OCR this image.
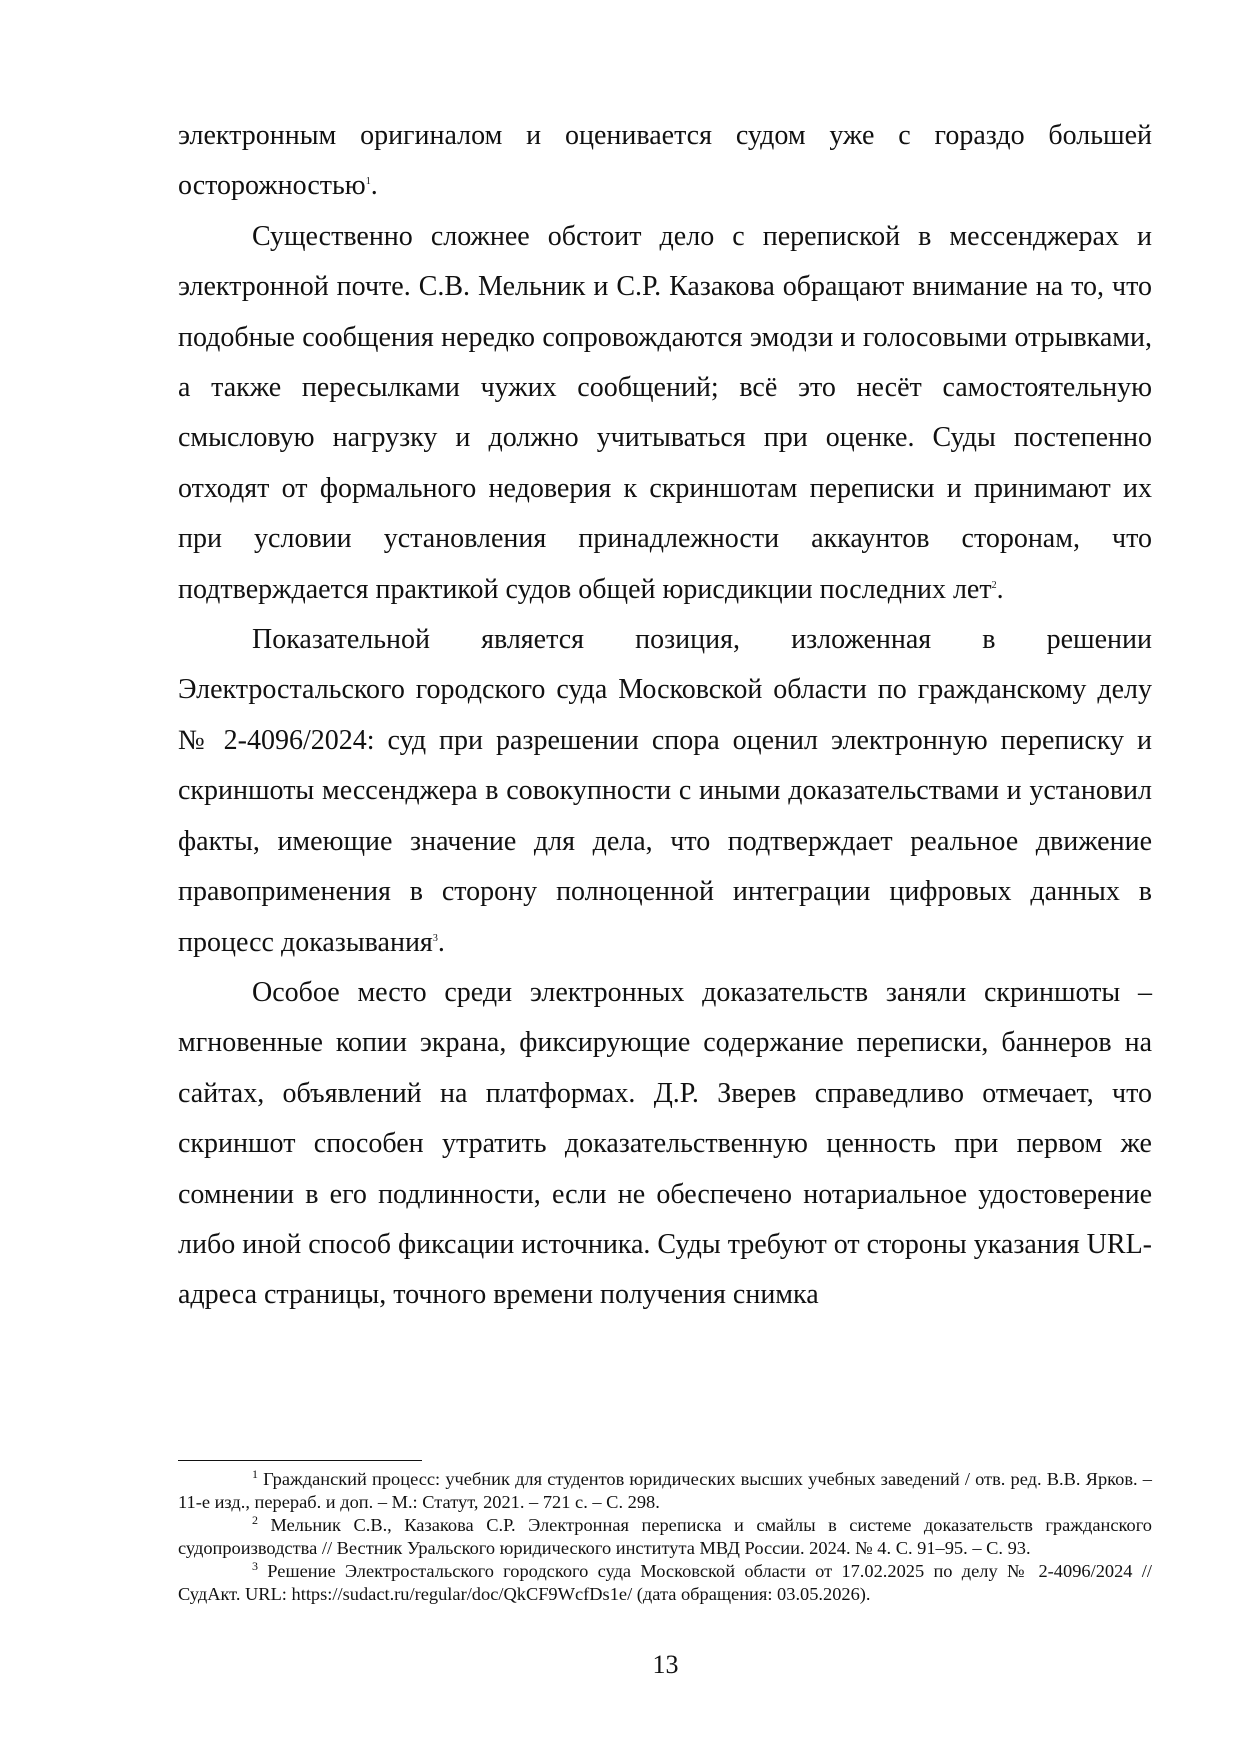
электронным оригиналом и оценивается судом уже с гораздо большей осторожностью$^1$.

Существенно сложнее обстоит дело с перепиской в мессенджерах и электронной почте. С.В. Мельник и С.Р. Казакова обращают внимание на то, что подобные сообщения нередко сопровождаются эмодзи и голосовыми отрывками, а также пересылками чужих сообщений; всё это несёт самостоятельную смысловую нагрузку и должно учитываться при оценке. Суды постепенно отходят от формального недоверия к скриншотам переписки и принимают их при условии установления принадлежности аккаунтов сторонам, что подтверждается практикой судов общей юрисдикции последних лет$^2$.

Показательной является позиция, изложенная в решении Электростальского городского суда Московской области по гражданскому делу № 2-4096/2024: суд при разрешении спора оценил электронную переписку и скриншоты мессенджера в совокупности с иными доказательствами и установил факты, имеющие значение для дела, что подтверждает реальное движение правоприменения в сторону полноценной интеграции цифровых данных в процесс доказывания$^3$.

Особое место среди электронных доказательств заняли скриншоты – мгновенные копии экрана, фиксирующие содержание переписки, баннеров на сайтах, объявлений на платформах. Д.Р. Зверев справедливо отмечает, что скриншот способен утратить доказательственную ценность при первом же сомнении в его подлинности, если не обеспечено нотариальное удостоверение либо иной способ фиксации источника. Суды требуют от стороны указания URL-адреса страницы, точного времени получения снимка

$^1$ Гражданский процесс: учебник для студентов юридических высших учебных заведений / отв. ред. В.В. Ярков. – 11-е изд., перераб. и доп. – М.: Статут, 2021. – 721 с. – С. 298.

$^2$ Мельник С.В., Казакова С.Р. Электронная переписка и смайлы в системе доказательств гражданского судопроизводства // Вестник Уральского юридического института МВД России. 2024. № 4. С. 91–95. – С. 93.

$^3$ Решение Электростальского городского суда Московской области от 17.02.2025 по делу № 2-4096/2024 // СудАкт. URL: https://sudact.ru/regular/doc/QkCF9WcfDs1e/ (дата обращения: 03.05.2026).

13
